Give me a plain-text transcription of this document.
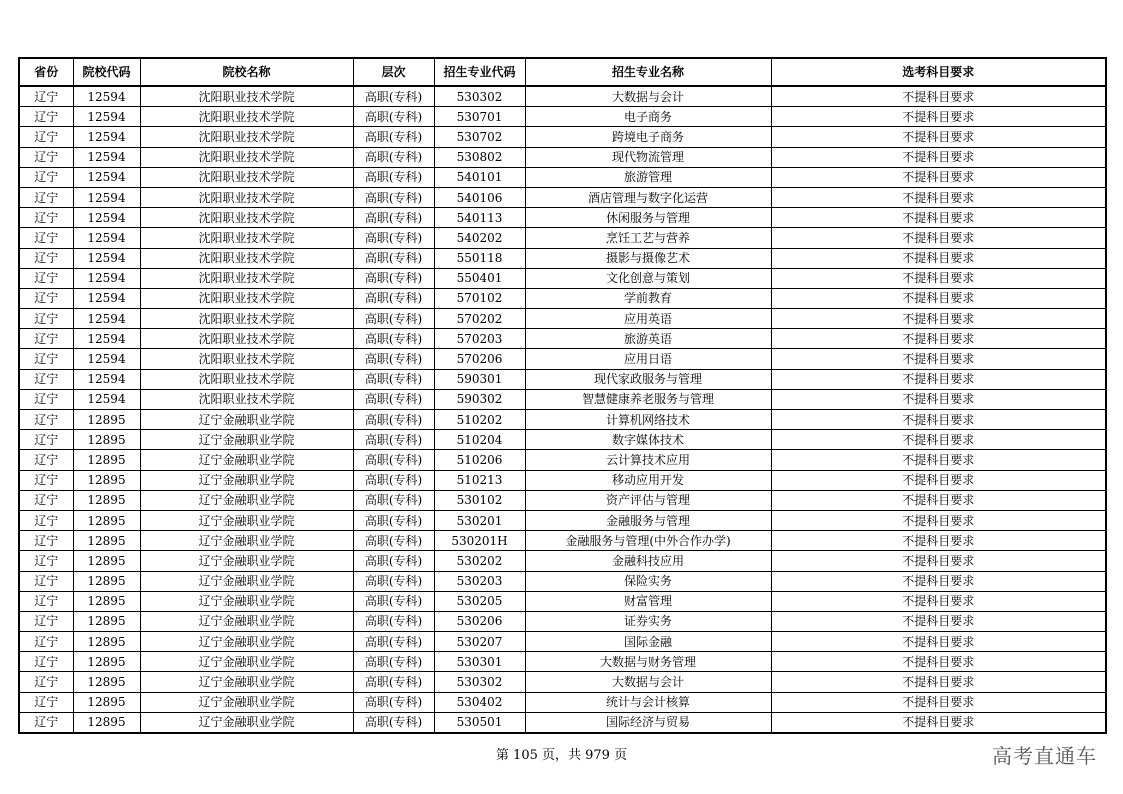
省份	院校代码	院校名称	层次	招生专业代码	招生专业名称	选考科目要求
辽宁	12594	沈阳职业技术学院	高职(专科)	530302	大数据与会计	不提科目要求
辽宁	12594	沈阳职业技术学院	高职(专科)	530701	电子商务	不提科目要求
辽宁	12594	沈阳职业技术学院	高职(专科)	530702	跨境电子商务	不提科目要求
辽宁	12594	沈阳职业技术学院	高职(专科)	530802	现代物流管理	不提科目要求
辽宁	12594	沈阳职业技术学院	高职(专科)	540101	旅游管理	不提科目要求
辽宁	12594	沈阳职业技术学院	高职(专科)	540106	酒店管理与数字化运营	不提科目要求
辽宁	12594	沈阳职业技术学院	高职(专科)	540113	休闲服务与管理	不提科目要求
辽宁	12594	沈阳职业技术学院	高职(专科)	540202	烹饪工艺与营养	不提科目要求
辽宁	12594	沈阳职业技术学院	高职(专科)	550118	摄影与摄像艺术	不提科目要求
辽宁	12594	沈阳职业技术学院	高职(专科)	550401	文化创意与策划	不提科目要求
辽宁	12594	沈阳职业技术学院	高职(专科)	570102	学前教育	不提科目要求
辽宁	12594	沈阳职业技术学院	高职(专科)	570202	应用英语	不提科目要求
辽宁	12594	沈阳职业技术学院	高职(专科)	570203	旅游英语	不提科目要求
辽宁	12594	沈阳职业技术学院	高职(专科)	570206	应用日语	不提科目要求
辽宁	12594	沈阳职业技术学院	高职(专科)	590301	现代家政服务与管理	不提科目要求
辽宁	12594	沈阳职业技术学院	高职(专科)	590302	智慧健康养老服务与管理	不提科目要求
辽宁	12895	辽宁金融职业学院	高职(专科)	510202	计算机网络技术	不提科目要求
辽宁	12895	辽宁金融职业学院	高职(专科)	510204	数字媒体技术	不提科目要求
辽宁	12895	辽宁金融职业学院	高职(专科)	510206	云计算技术应用	不提科目要求
辽宁	12895	辽宁金融职业学院	高职(专科)	510213	移动应用开发	不提科目要求
辽宁	12895	辽宁金融职业学院	高职(专科)	530102	资产评估与管理	不提科目要求
辽宁	12895	辽宁金融职业学院	高职(专科)	530201	金融服务与管理	不提科目要求
辽宁	12895	辽宁金融职业学院	高职(专科)	530201H	金融服务与管理(中外合作办学)	不提科目要求
辽宁	12895	辽宁金融职业学院	高职(专科)	530202	金融科技应用	不提科目要求
辽宁	12895	辽宁金融职业学院	高职(专科)	530203	保险实务	不提科目要求
辽宁	12895	辽宁金融职业学院	高职(专科)	530205	财富管理	不提科目要求
辽宁	12895	辽宁金融职业学院	高职(专科)	530206	证券实务	不提科目要求
辽宁	12895	辽宁金融职业学院	高职(专科)	530207	国际金融	不提科目要求
辽宁	12895	辽宁金融职业学院	高职(专科)	530301	大数据与财务管理	不提科目要求
辽宁	12895	辽宁金融职业学院	高职(专科)	530302	大数据与会计	不提科目要求
辽宁	12895	辽宁金融职业学院	高职(专科)	530402	统计与会计核算	不提科目要求
辽宁	12895	辽宁金融职业学院	高职(专科)	530501	国际经济与贸易	不提科目要求
第 105 页，共 979 页	高考直通车
